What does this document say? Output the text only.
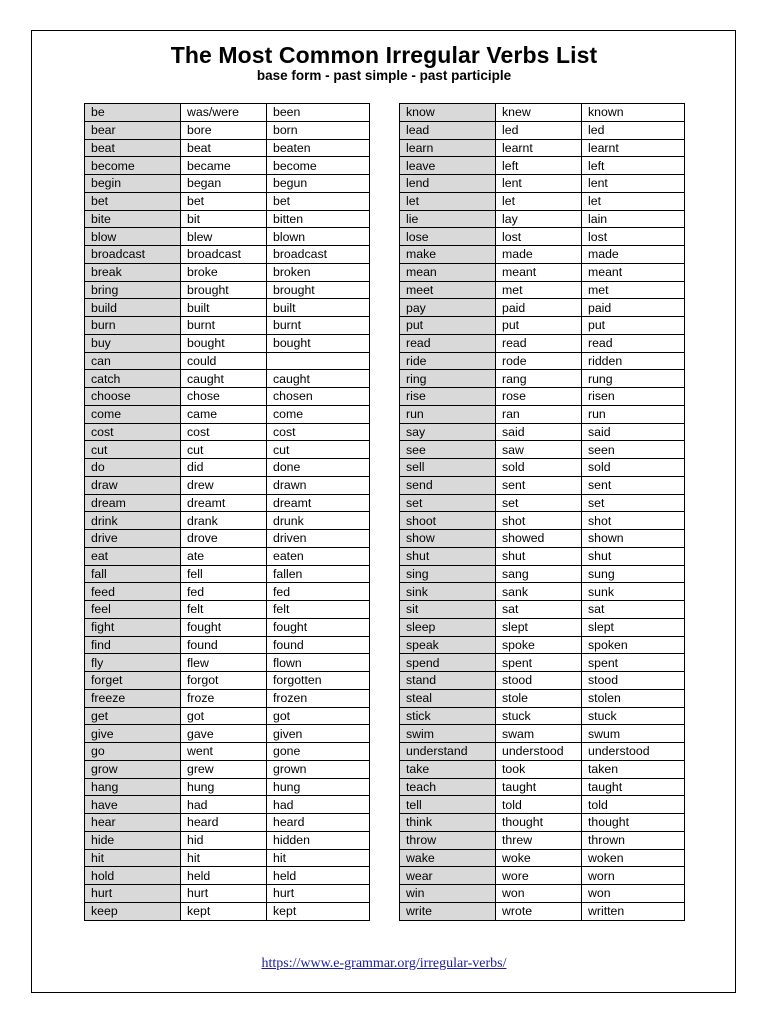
The Most Common Irregular Verbs List
base form - past simple - past participle
be	was/were	been
bear	bore	born
beat	beat	beaten
become	became	become
begin	began	begun
bet	bet	bet
bite	bit	bitten
blow	blew	blown
broadcast	broadcast	broadcast
break	broke	broken
bring	brought	brought
build	built	built
burn	burnt	burnt
buy	bought	bought
can	could	
catch	caught	caught
choose	chose	chosen
come	came	come
cost	cost	cost
cut	cut	cut
do	did	done
draw	drew	drawn
dream	dreamt	dreamt
drink	drank	drunk
drive	drove	driven
eat	ate	eaten
fall	fell	fallen
feed	fed	fed
feel	felt	felt
fight	fought	fought
find	found	found
fly	flew	flown
forget	forgot	forgotten
freeze	froze	frozen
get	got	got
give	gave	given
go	went	gone
grow	grew	grown
hang	hung	hung
have	had	had
hear	heard	heard
hide	hid	hidden
hit	hit	hit
hold	held	held
hurt	hurt	hurt
keep	kept	kept
know	knew	known
lead	led	led
learn	learnt	learnt
leave	left	left
lend	lent	lent
let	let	let
lie	lay	lain
lose	lost	lost
make	made	made
mean	meant	meant
meet	met	met
pay	paid	paid
put	put	put
read	read	read
ride	rode	ridden
ring	rang	rung
rise	rose	risen
run	ran	run
say	said	said
see	saw	seen
sell	sold	sold
send	sent	sent
set	set	set
shoot	shot	shot
show	showed	shown
shut	shut	shut
sing	sang	sung
sink	sank	sunk
sit	sat	sat
sleep	slept	slept
speak	spoke	spoken
spend	spent	spent
stand	stood	stood
steal	stole	stolen
stick	stuck	stuck
swim	swam	swum
understand	understood	understood
take	took	taken
teach	taught	taught
tell	told	told
think	thought	thought
throw	threw	thrown
wake	woke	woken
wear	wore	worn
win	won	won
write	wrote	written
https://www.e-grammar.org/irregular-verbs/
